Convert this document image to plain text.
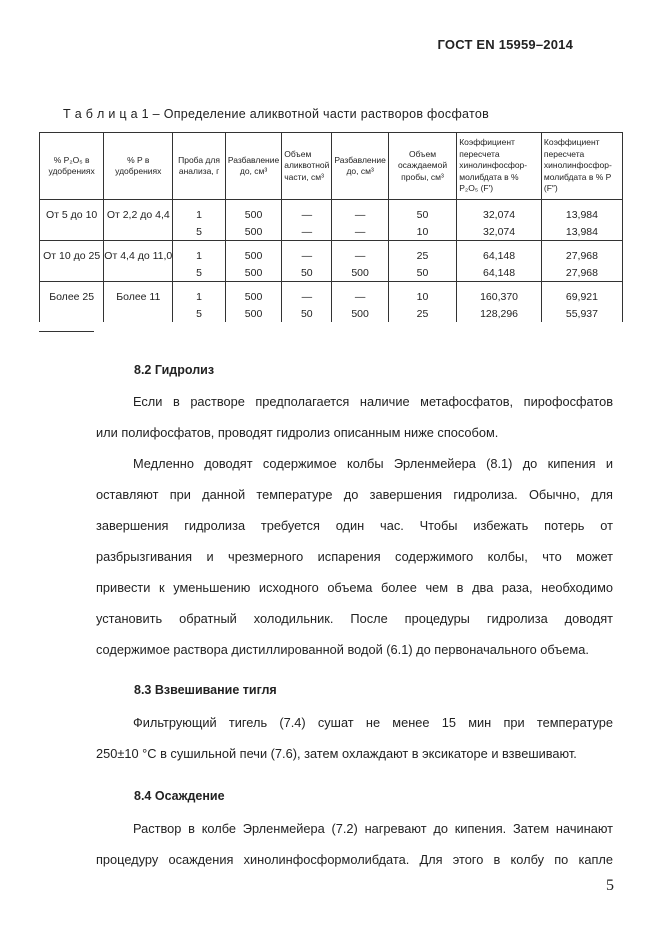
ГОСТ EN 15959–2014
Т а б л и ц а 1 – Определение аликвотной части растворов фосфатов
% P₂O₅ в удобрениях	% P в удобрениях	Проба для анализа, г	Разбавление до, см³	Объем аликвотной части, см³	Разбавление до, см³	Объем осаждаемой пробы, см³	Коэффициент пересчета хинолинфосфор-молибдата в % P₂O₅ (F′)	Коэффициент пересчета хинолинфосфор-молибдата в % P (F″)
От 5 до 10	От 2,2 до 4,4	1	500	—	—	50	32,074	13,984
		5	500	—	—	10	32,074	13,984
От 10 до 25	От 4,4 до 11,0	1	500	—	—	25	64,148	27,968
		5	500	50	500	50	64,148	27,968
Более 25	Более 11	1	500	—	—	10	160,370	69,921
		5	500	50	500	25	128,296	55,937
8.2 Гидролиз
Если в растворе предполагается наличие метафосфатов, пирофосфатов
или полифосфатов, проводят гидролиз описанным ниже способом.
Медленно доводят содержимое колбы Эрленмейера (8.1) до кипения и
оставляют при данной температуре до завершения гидролиза. Обычно, для
завершения гидролиза требуется один час. Чтобы избежать потерь от
разбрызгивания и чрезмерного испарения содержимого колбы, что может
привести к уменьшению исходного объема более чем в два раза, необходимо
установить обратный холодильник. После процедуры гидролиза доводят
содержимое раствора дистиллированной водой (6.1) до первоначального объема.
8.3 Взвешивание тигля
Фильтрующий тигель (7.4) сушат не менее 15 мин при температуре
250±10 °С в сушильной печи (7.6), затем охлаждают в эксикаторе и взвешивают.
8.4 Осаждение
Раствор в колбе Эрленмейера (7.2) нагревают до кипения. Затем начинают
процедуру осаждения хинолинфосформолибдата. Для этого в колбу по капле
5
